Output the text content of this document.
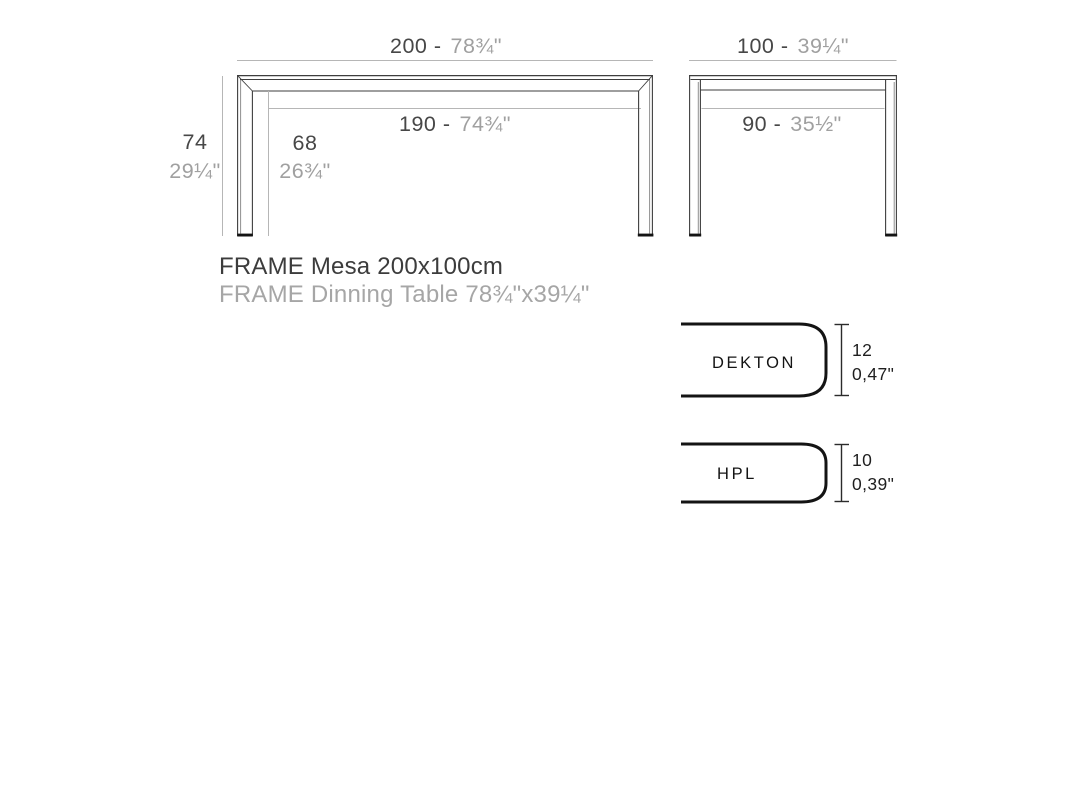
200 - 78¾"
190 - 74¾"
74
29¼"
68
26¾"
100 - 39¼"
90 - 35½"
FRAME Mesa 200x100cm
FRAME Dinning Table 78¾"x39¼"
DEKTON
12
0,47"
HPL
10
0,39"
